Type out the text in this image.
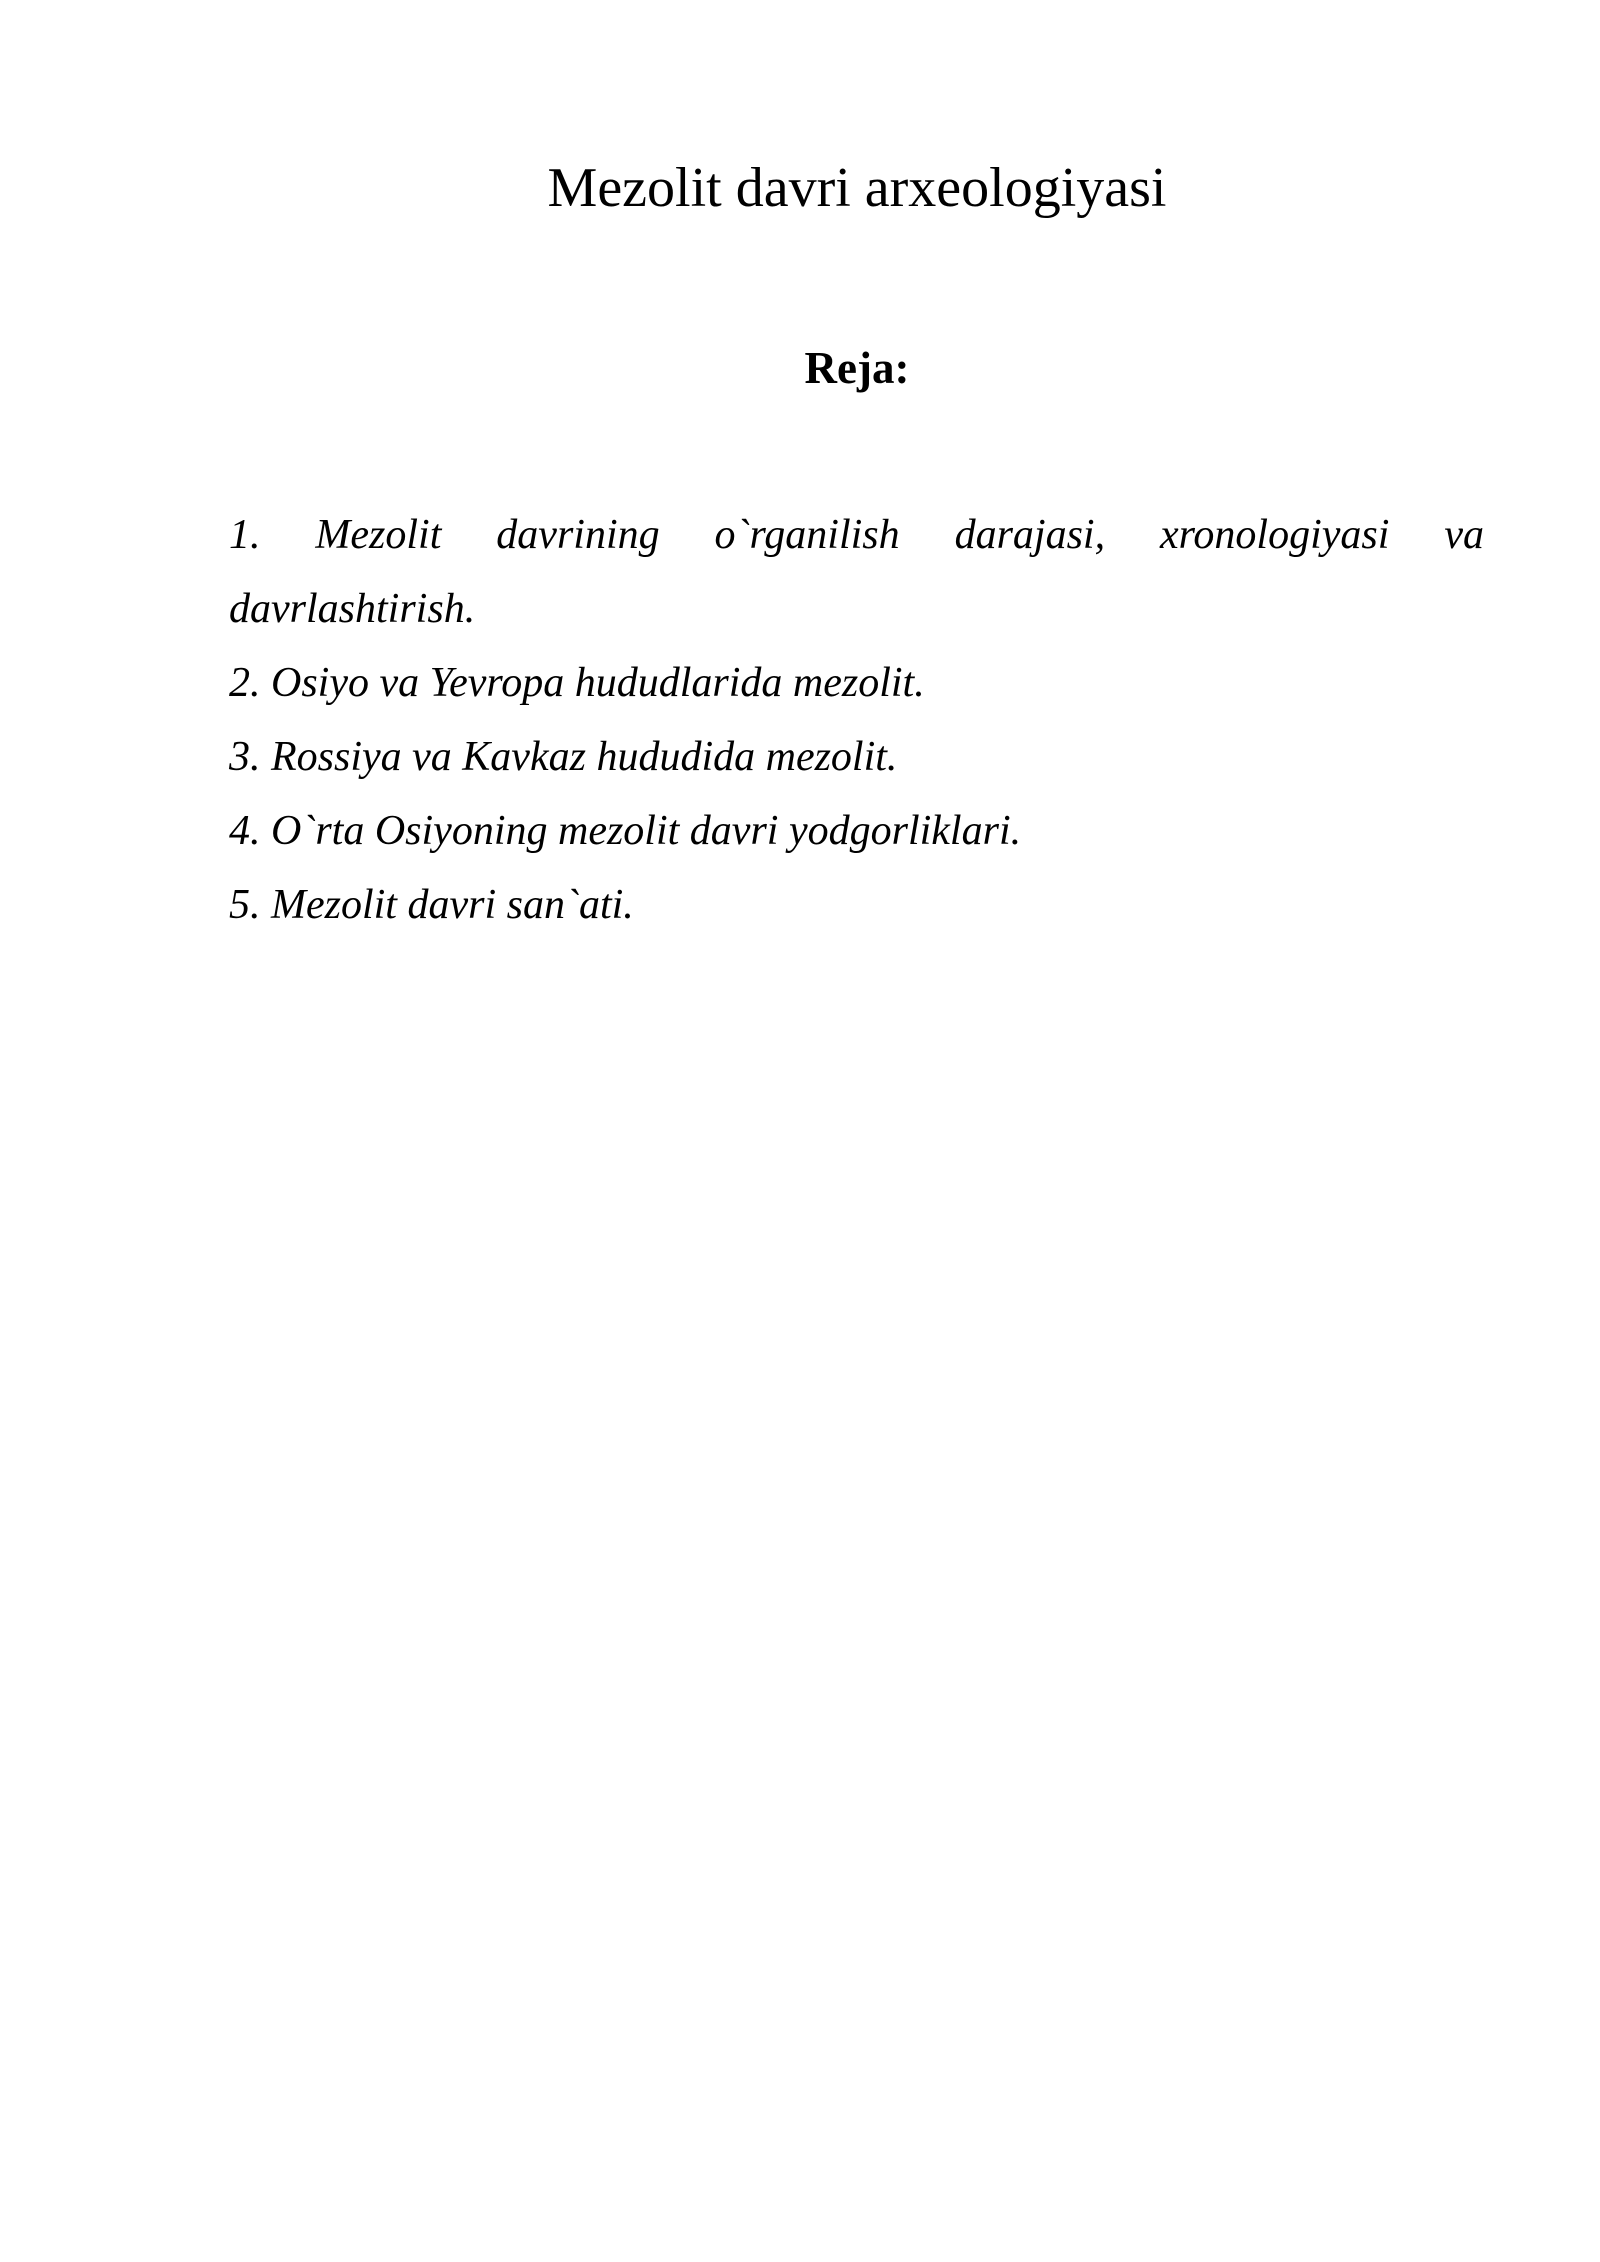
Mezolit davri arxeologiyasi
Reja:
1. Mezolit davrining o`rganilish darajasi, xronologiyasi va
davrlashtirish.
2. Osiyo va Yevropa hududlarida mezolit.
3. Rossiya va Kavkaz hududida mezolit.
4. O`rta Osiyoning mezolit davri yodgorliklari.
5. Mezolit davri san`ati.
